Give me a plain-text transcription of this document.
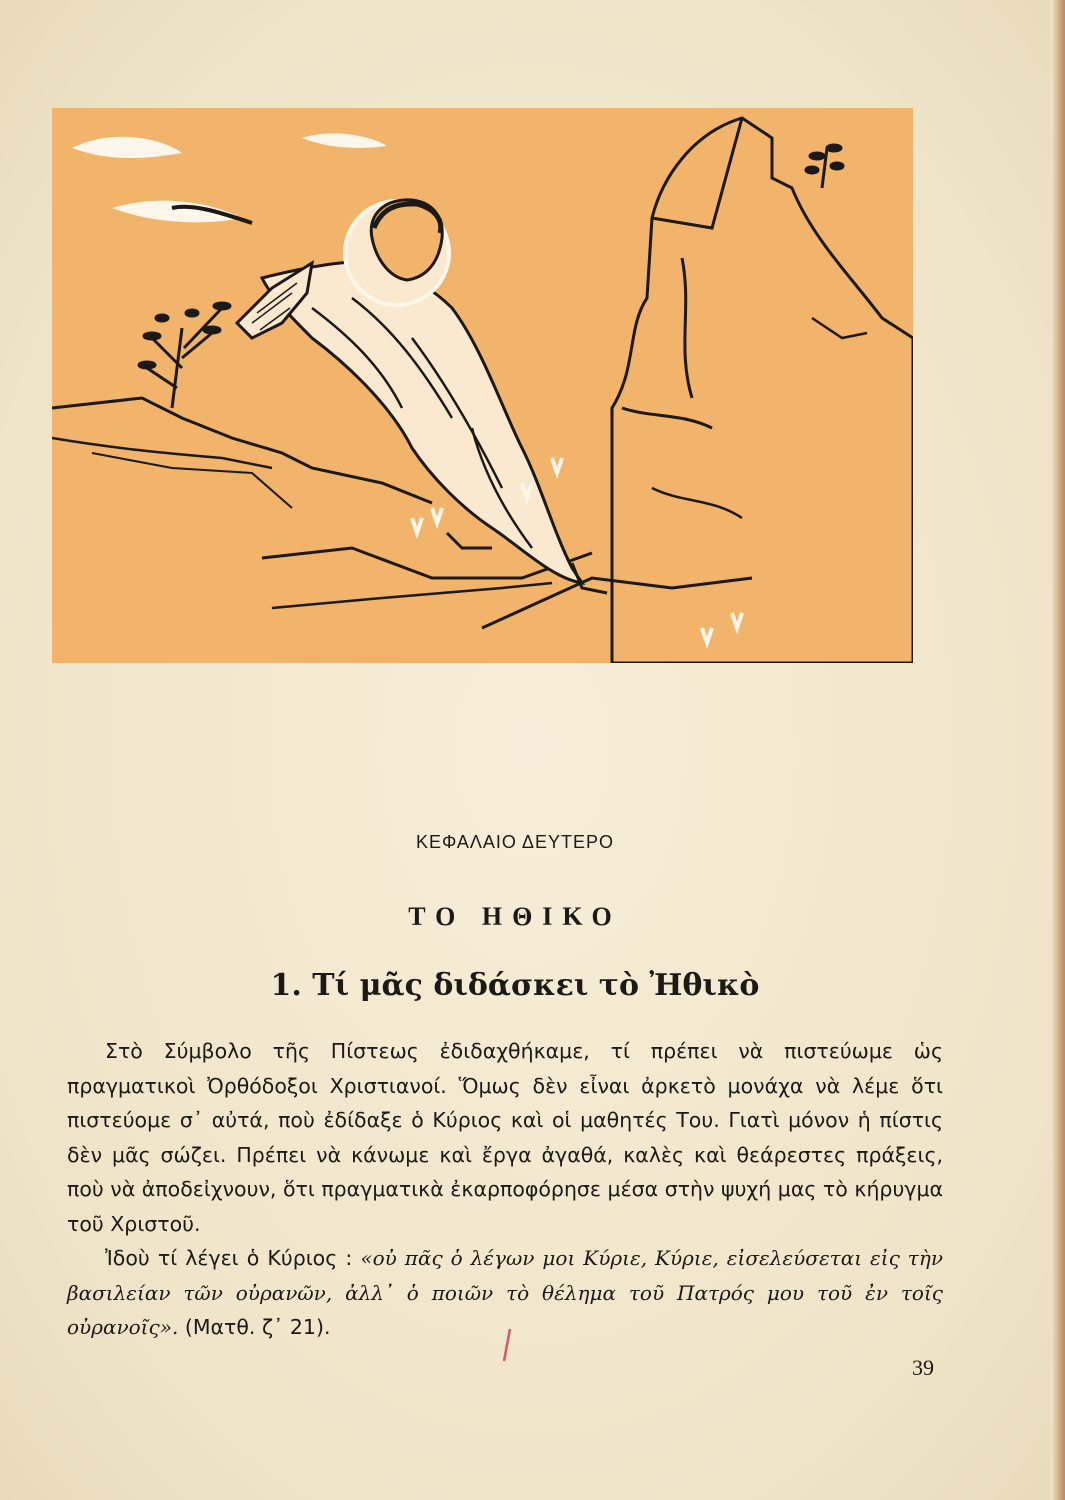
ΚΕΦΑΛΑΙΟ ΔΕΥΤΕΡΟ
ΤΟ ΗΘΙΚΟ
1. Τί μᾶς διδάσκει τὸ Ἠθικὸ

Στὸ Σύμβολο τῆς Πίστεως ἐδιδαχθήκαμε, τί πρέπει νὰ πιστεύωμε ὡς πραγματικοὶ Ὀρθόδοξοι Χριστιανοί. Ὅμως δὲν εἶναι ἀρκετὸ μονάχα νὰ λέμε ὅτι πιστεύομε σ᾽ αὐτά, ποὺ ἐδίδαξε ὁ Κύριος καὶ οἱ μαθητές Του. Γιατὶ μόνον ἡ πίστις δὲν μᾶς σώζει. Πρέπει νὰ κάνωμε καὶ ἔργα ἀγαθά, καλὲς καὶ θεάρεστες πράξεις, ποὺ νὰ ἀποδεἰχνουν, ὅτι πραγματικὰ ἐκαρποφόρησε μέσα στὴν ψυχή μας τὸ κήρυγμα τοῦ Χριστοῦ.

Ἰδοὺ τί λέγει ὁ Κύριος : «οὐ πᾶς ὁ λέγων μοι Κύριε, Κύριε, εἰσελεύσεται εἰς τὴν βασιλείαν τῶν οὐρανῶν, ἀλλ᾽ ὁ ποιῶν τὸ θέλημα τοῦ Πατρός μου τοῦ ἐν τοῖς οὐρανοῖς». (Ματθ. ζ᾽ 21).

39
